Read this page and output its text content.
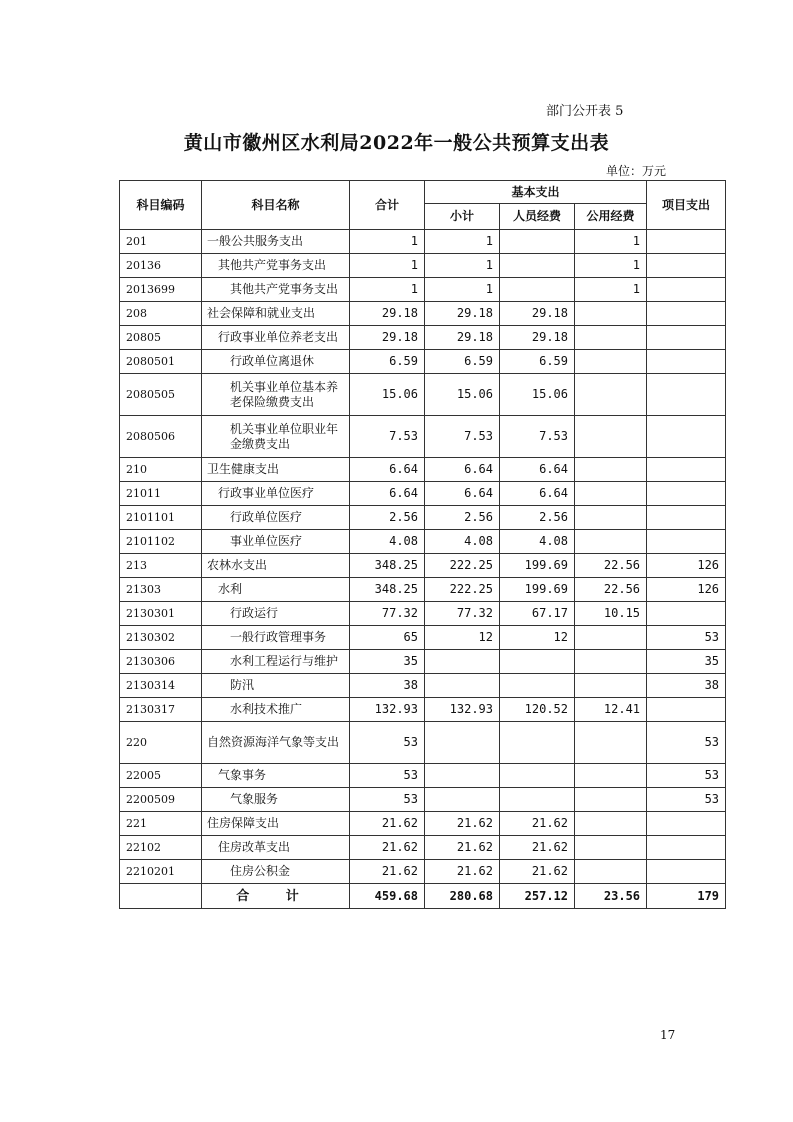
部门公开表 5
黄山市徽州区水利局2022年一般公共预算支出表
单位：万元
科目编码	科目名称	合计	基本支出			项目支出
			小计	人员经费	公用经费	
201	一般公共服务支出	1	1		1	
20136	其他共产党事务支出	1	1		1	
2013699	其他共产党事务支出	1	1		1	
208	社会保障和就业支出	29.18	29.18	29.18		
20805	行政事业单位养老支出	29.18	29.18	29.18		
2080501	行政单位离退休	6.59	6.59	6.59		
2080505	机关事业单位基本养老保险缴费支出	15.06	15.06	15.06		
2080506	机关事业单位职业年金缴费支出	7.53	7.53	7.53		
210	卫生健康支出	6.64	6.64	6.64		
21011	行政事业单位医疗	6.64	6.64	6.64		
2101101	行政单位医疗	2.56	2.56	2.56		
2101102	事业单位医疗	4.08	4.08	4.08		
213	农林水支出	348.25	222.25	199.69	22.56	126
21303	水利	348.25	222.25	199.69	22.56	126
2130301	行政运行	77.32	77.32	67.17	10.15	
2130302	一般行政管理事务	65	12	12		53
2130306	水利工程运行与维护	35				35
2130314	防汛	38				38
2130317	水利技术推广	132.93	132.93	120.52	12.41	
220	自然资源海洋气象等支出	53				53
22005	气象事务	53				53
2200509	气象服务	53				53
221	住房保障支出	21.62	21.62	21.62		
22102	住房改革支出	21.62	21.62	21.62		
2210201	住房公积金	21.62	21.62	21.62		
	合 计	459.68	280.68	257.12	23.56	179
17
